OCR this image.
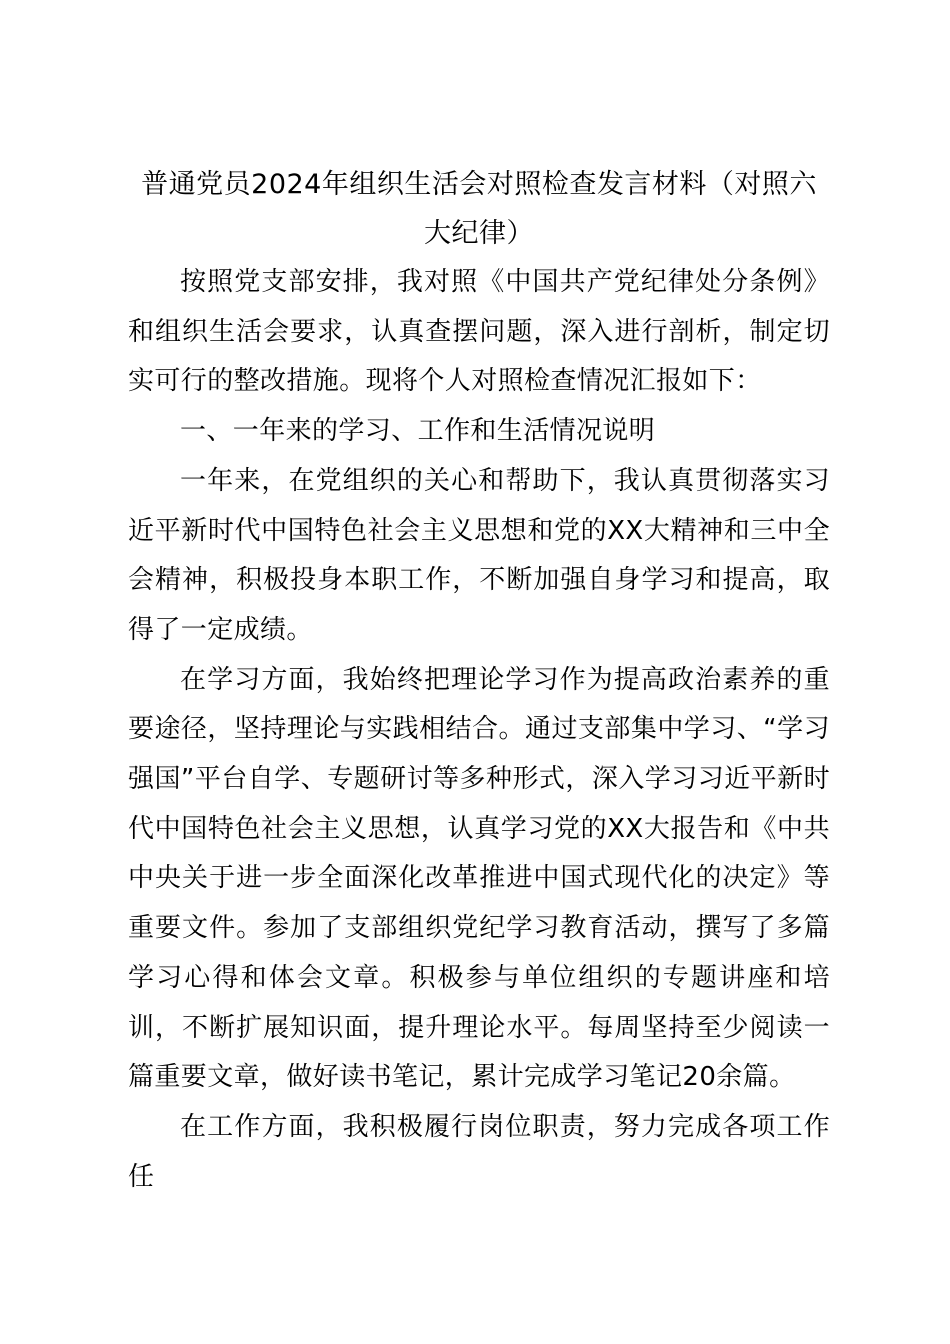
普通党员2024年组织生活会对照检查发言材料（对照六大纪律）

按照党支部安排，我对照《中国共产党纪律处分条例》和组织生活会要求，认真查摆问题，深入进行剖析，制定切实可行的整改措施。现将个人对照检查情况汇报如下：

一、一年来的学习、工作和生活情况说明

一年来，在党组织的关心和帮助下，我认真贯彻落实习近平新时代中国特色社会主义思想和党的XX大精神和三中全会精神，积极投身本职工作，不断加强自身学习和提高，取得了一定成绩。

在学习方面，我始终把理论学习作为提高政治素养的重要途径，坚持理论与实践相结合。通过支部集中学习、“学习强国”平台自学、专题研讨等多种形式，深入学习习近平新时代中国特色社会主义思想，认真学习党的XX大报告和《中共中央关于进一步全面深化改革推进中国式现代化的决定》等重要文件。参加了支部组织党纪学习教育活动，撰写了多篇学习心得和体会文章。积极参与单位组织的专题讲座和培训，不断扩展知识面，提升理论水平。每周坚持至少阅读一篇重要文章，做好读书笔记，累计完成学习笔记20余篇。

在工作方面，我积极履行岗位职责，努力完成各项工作任
